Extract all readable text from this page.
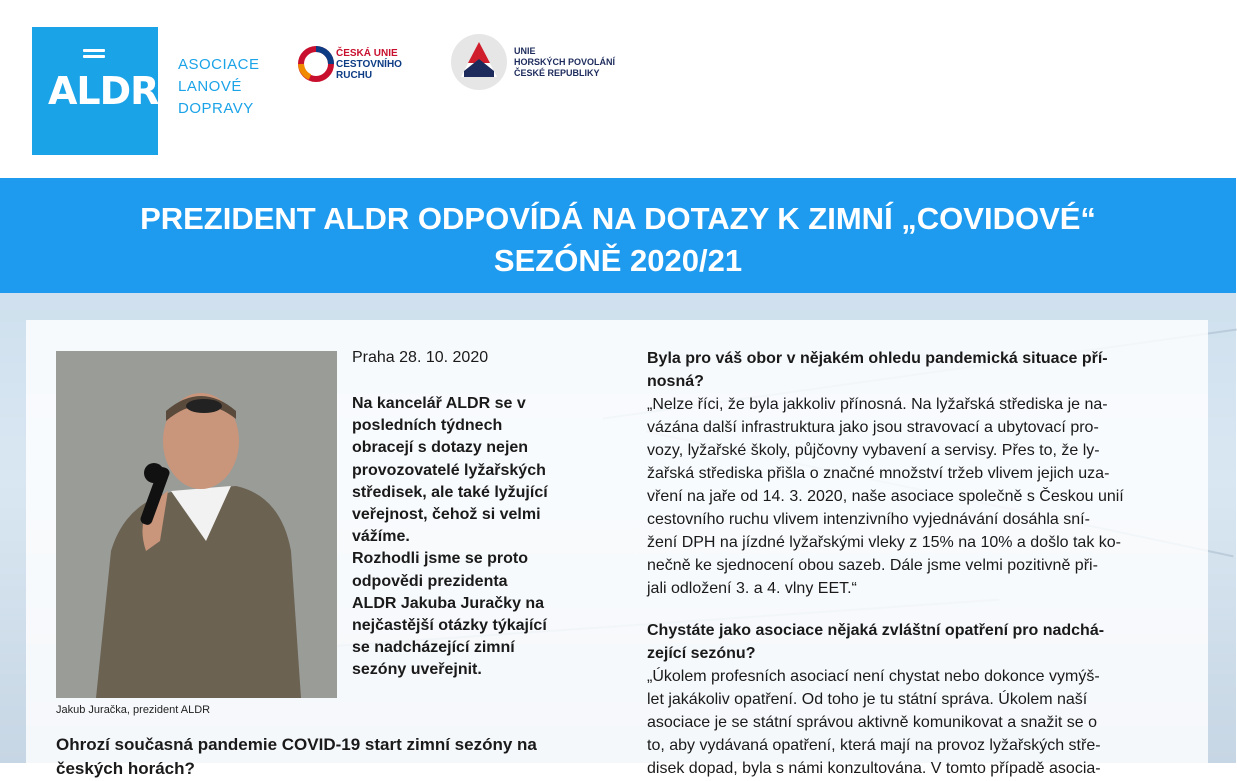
ALDR
ASOCIACE
LANOVÉ
DOPRAVY
ČESKÁ UNIE
CESTOVNÍHO
RUCHU
UNIE
HORSKÝCH POVOLÁNÍ
ČESKÉ REPUBLIKY
PREZIDENT ALDR ODPOVÍDÁ NA DOTAZY K ZIMNÍ „COVIDOVÉ“
SEZÓNĚ 2020/21
Jakub Juračka, prezident ALDR
Praha 28. 10. 2020
Na kancelář ALDR se v
posledních týdnech
obracejí s dotazy nejen
provozovatelé lyžařských
středisek, ale také lyžující
veřejnost, čehož si velmi
vážíme.
Rozhodli jsme se proto
odpovědi prezidenta
ALDR Jakuba Juračky na
nejčastější otázky týkající
se nadcházející zimní
sezóny uveřejnit.
Ohrozí současná pandemie COVID-19 start zimní sezóny na
českých horách?
Byla pro váš obor v nějakém ohledu pandemická situace pří-
nosná?
„Nelze říci, že byla jakkoliv přínosná. Na lyžařská střediska je na-
vázána další infrastruktura jako jsou stravovací a ubytovací pro-
vozy, lyžařské školy, půjčovny vybavení a servisy. Přes to, že ly-
žařská střediska přišla o značné množství tržeb vlivem jejich uza-
vření na jaře od 14. 3. 2020, naše asociace společně s Českou unií
cestovního ruchu vlivem intenzivního vyjednávání dosáhla sní-
žení DPH na jízdné lyžařskými vleky z 15% na 10% a došlo tak ko-
nečně ke sjednocení obou sazeb. Dále jsme velmi pozitivně při-
jali odložení 3. a 4. vlny EET.“
Chystáte jako asociace nějaká zvláštní opatření pro nadchá-
zející sezónu?
„Úkolem profesních asociací není chystat nebo dokonce vymýš-
let jakákoliv opatření. Od toho je tu státní správa. Úkolem naší
asociace je se státní správou aktivně komunikovat a snažit se o
to, aby vydávaná opatření, která mají na provoz lyžařských stře-
disek dopad, byla s námi konzultována. V tomto případě asocia-
